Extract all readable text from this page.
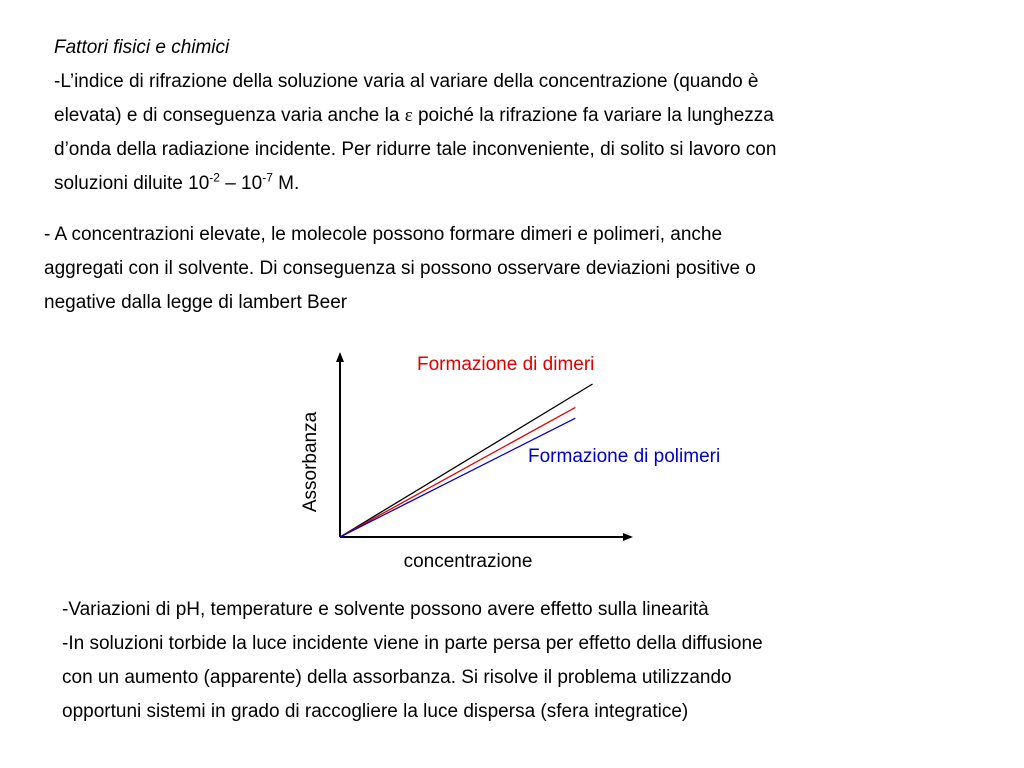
Fattori fisici e chimici
-L’indice di rifrazione della soluzione varia al variare della concentrazione (quando è
elevata) e di conseguenza varia anche la ε poiché la rifrazione fa variare la lunghezza
d’onda della radiazione incidente. Per ridurre tale inconveniente, di solito si lavoro con
soluzioni diluite $10^{-2} - 10^{-7}$ M.
- A concentrazioni elevate, le molecole possono formare dimeri e polimeri, anche
aggregati con il solvente. Di conseguenza si possono osservare deviazioni positive o
negative dalla legge di lambert Beer
Assorbanza
concentrazione
Formazione di dimeri
Formazione di polimeri
-Variazioni di pH, temperature e solvente possono avere effetto sulla linearità
-In soluzioni torbide la luce incidente viene in parte persa per effetto della diffusione
con un aumento (apparente) della assorbanza. Si risolve il problema utilizzando
opportuni sistemi in grado di raccogliere la luce dispersa (sfera integratice)
